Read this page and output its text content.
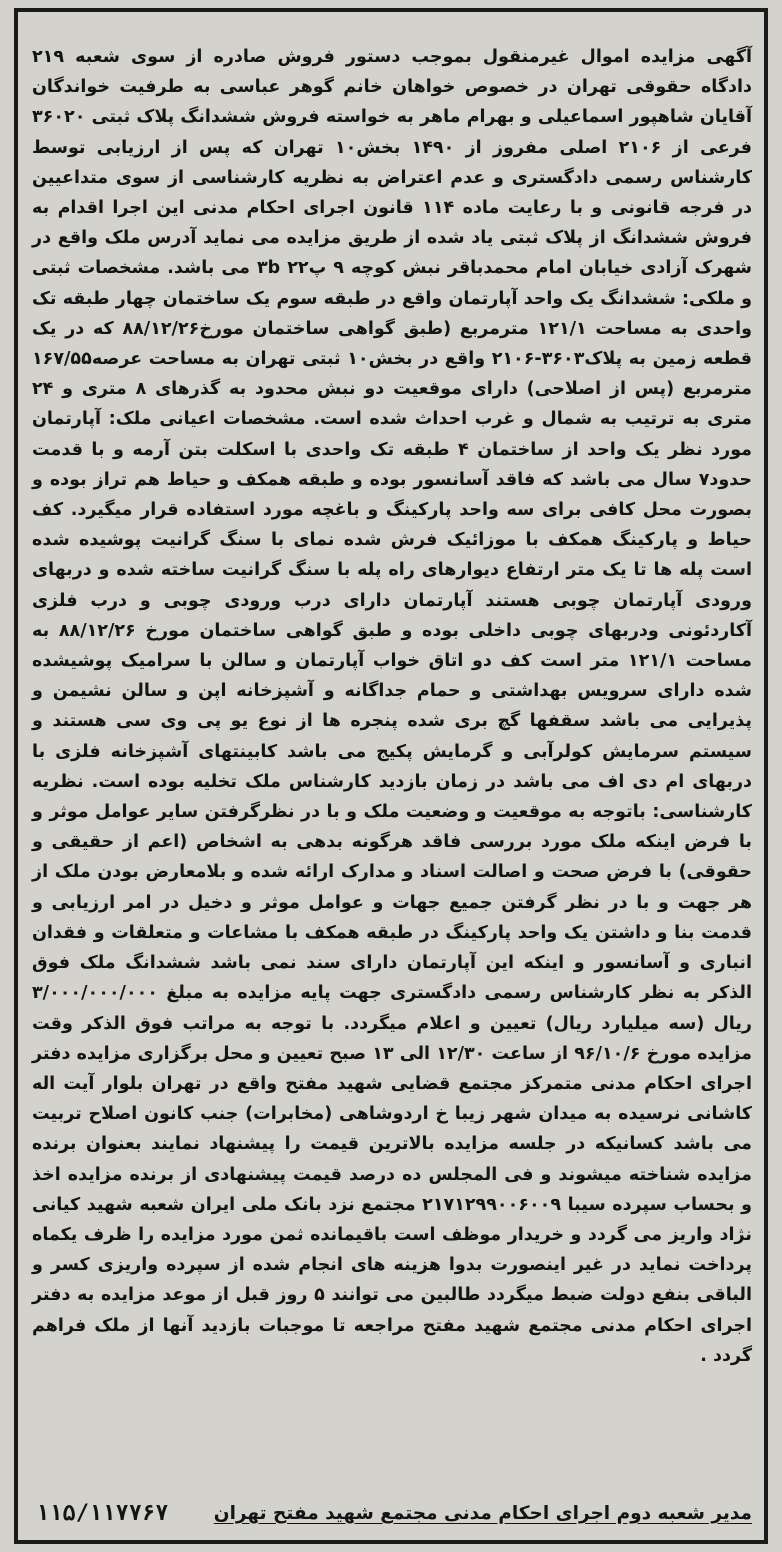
آگهی مزایده اموال غیرمنقول بموجب دستور فروش صادره از سوی شعبه ۲۱۹ دادگاه حقوقی تهران در خصوص خواهان خانم گوهر عباسی به طرفیت خواندگان آقایان شاهپور اسماعیلی و بهرام ماهر به خواسته فروش ششدانگ پلاک ثبتی ۳۶۰۲۰ فرعی از ۲۱۰۶ اصلی مفروز از ۱۴۹۰ بخش۱۰ تهران که پس از ارزیابی توسط کارشناس رسمی دادگستری و عدم اعتراض به نظریه کارشناسی از سوی متداعیین در فرجه قانونی و با رعایت ماده ۱۱۴ قانون اجرای احکام مدنی این اجرا اقدام به فروش ششدانگ از پلاک ثبتی یاد شده از طریق مزایده می نماید آدرس ملک واقع در شهرک آزادی خیابان امام محمدباقر نبش کوچه ۹ پ۲۲ ۳b می باشد. مشخصات ثبتی و ملکی: ششدانگ یک واحد آپارتمان واقع در طبقه سوم یک ساختمان چهار طبقه تک واحدی به مساحت ۱۲۱/۱ مترمربع (طبق گواهی ساختمان مورخ۸۸/۱۲/۲۶ که در یک قطعه زمین به پلاک۳۶۰۳-۲۱۰۶ واقع در بخش۱۰ ثبتی تهران به مساحت عرصه۱۶۷/۵۵ مترمربع (پس از اصلاحی) دارای موقعیت دو نبش محدود به گذرهای ۸ متری و ۲۴ متری به ترتیب به شمال و غرب احداث شده است. مشخصات اعیانی ملک: آپارتمان مورد نظر یک واحد از ساختمان ۴ طبقه تک واحدی با اسکلت بتن آرمه و با قدمت حدود۷ سال می باشد که فاقد آسانسور بوده و طبقه همکف و حیاط هم تراز بوده و بصورت محل کافی برای سه واحد پارکینگ و باغچه مورد استفاده قرار میگیرد. کف حیاط و پارکینگ همکف با موزائیک فرش شده نمای با سنگ گرانیت پوشیده شده است پله ها تا یک متر ارتفاع دیوارهای راه پله با سنگ گرانیت ساخته شده و دربهای ورودی آپارتمان چوبی هستند آپارتمان دارای درب ورودی چوبی و درب فلزی آکاردئونی ودربهای چوبی داخلی بوده و طبق گواهی ساختمان مورخ ۸۸/۱۲/۲۶ به مساحت ۱۲۱/۱ متر است کف دو اتاق خواب آپارتمان و سالن با سرامیک پوشیشده شده دارای سرویس بهداشتی و حمام جداگانه و آشپزخانه اپن و سالن نشیمن و پذیرایی می باشد سقفها گچ بری شده پنجره ها از نوع یو پی وی سی هستند و سیستم سرمایش کولرآبی و گرمایش پکیج می باشد کابینتهای آشپزخانه فلزی با دربهای ام دی اف می باشد در زمان بازدید کارشناس ملک تخلیه بوده است. نظریه کارشناسی: باتوجه به موقعیت و وضعیت ملک و با در نظرگرفتن سایر عوامل موثر و با فرض اینکه ملک مورد بررسی فاقد هرگونه بدهی به اشخاص (اعم از حقیقی و حقوقی) با فرض صحت و اصالت اسناد و مدارک ارائه شده و بلامعارض بودن ملک از هر جهت و با در نظر گرفتن جمیع جهات و عوامل موثر و دخیل در امر ارزیابی و قدمت بنا و داشتن یک واحد پارکینگ در طبقه همکف با مشاعات و متعلقات و فقدان انباری و آسانسور و اینکه این آپارتمان دارای سند نمی باشد ششدانگ ملک فوق الذکر به نظر کارشناس رسمی دادگستری جهت پایه مزایده به مبلغ ۳/۰۰۰/۰۰۰/۰۰۰ ریال (سه میلیارد ریال) تعیین و اعلام میگردد. با توجه به مراتب فوق الذکر وقت مزایده مورخ ۹۶/۱۰/۶ از ساعت ۱۲/۳۰ الی ۱۳ صبح تعیین و محل برگزاری مزایده دفتر اجرای احکام مدنی متمرکز مجتمع قضایی شهید مفتح واقع در تهران بلوار آیت اله کاشانی نرسیده به میدان شهر زیبا خ اردوشاهی (مخابرات) جنب کانون اصلاح تربیت می باشد کسانیکه در جلسه مزایده بالاترین قیمت را پیشنهاد نمایند بعنوان برنده مزایده شناخته میشوند و فی المجلس ده درصد قیمت پیشنهادی از برنده مزایده اخذ و بحساب سپرده سیبا ۲۱۷۱۲۹۹۰۰۶۰۰۹ مجتمع نزد بانک ملی ایران شعبه شهید کیانی نژاد واریز می گردد و خریدار موظف است باقیمانده ثمن مورد مزایده را ظرف یکماه پرداخت نماید در غیر اینصورت بدوا هزینه های انجام شده از سپرده واریزی کسر و الباقی بنفع دولت ضبط میگردد طالبین می توانند ۵ روز قبل از موعد مزایده به دفتر اجرای احکام مدنی مجتمع شهید مفتح مراجعه تا موجبات بازدید آنها از ملک فراهم گردد .

مدیر شعبه دوم اجرای احکام مدنی مجتمع شهید مفتح تهران
۱۱۵/۱۱۷۷۶۷
